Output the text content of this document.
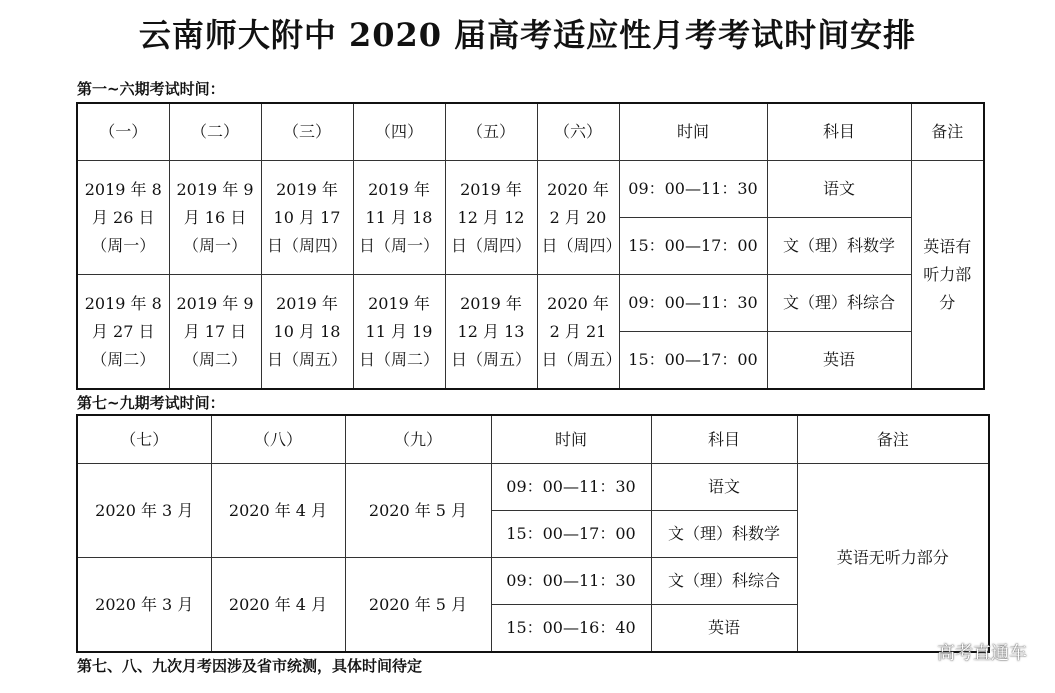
云南师大附中 2020 届高考适应性月考考试时间安排
第一~六期考试时间：
（一）	（二）	（三）	（四）	（五）	（六）	时间	科目	备注
2019 年 8 月 26 日（周一）	2019 年 9 月 16 日（周一）	2019 年 10 月 17 日（周四）	2019 年 11 月 18 日（周一）	2019 年 12 月 12 日（周四）	2020 年 2 月 20 日（周四）	09：00—11：30	语文	英语有听力部分
						15：00—17：00	文（理）科数学	
2019 年 8 月 27 日（周二）	2019 年 9 月 17 日（周二）	2019 年 10 月 18 日（周五）	2019 年 11 月 19 日（周二）	2019 年 12 月 13 日（周五）	2020 年 2 月 21 日（周五）	09：00—11：30	文（理）科综合	
						15：00—17：00	英语	
第七~九期考试时间：
（七）	（八）	（九）	时间	科目	备注
2020 年 3 月	2020 年 4 月	2020 年 5 月	09：00—11：30	语文	英语无听力部分
			15：00—17：00	文（理）科数学	
2020 年 3 月	2020 年 4 月	2020 年 5 月	09：00—11：30	文（理）科综合	
			15：00—16：40	英语	
第七、八、九次月考因涉及省市统测，具体时间待定
高考直通车
